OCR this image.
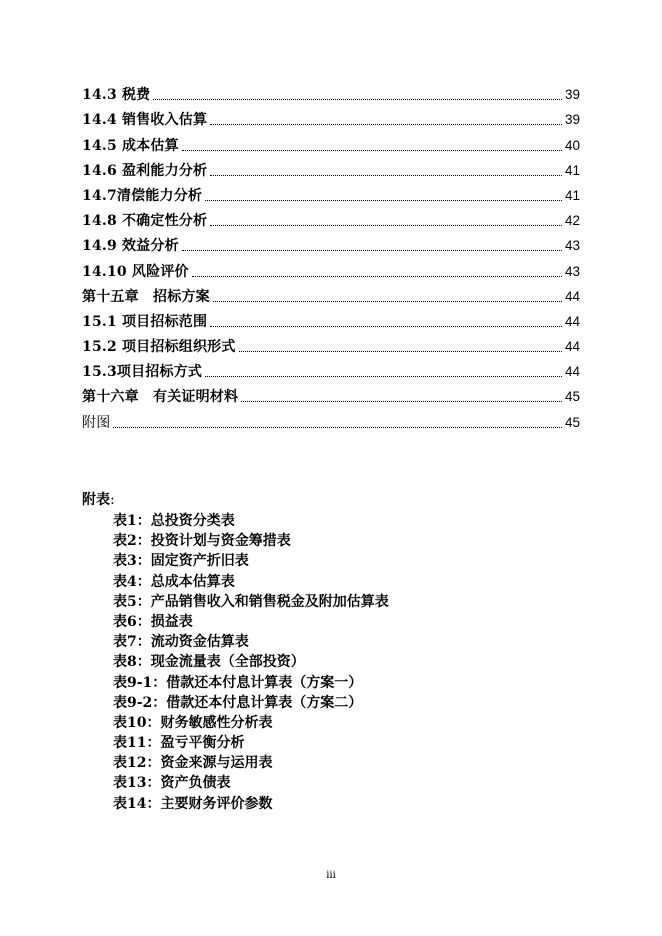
14.3 税费	39
14.4 销售收入估算	39
14.5 成本估算	40
14.6 盈利能力分析	41
14.7清偿能力分析	41
14.8 不确定性分析	42
14.9 效益分析	43
14.10 风险评价	43
第十五章　招标方案	44
15.1 项目招标范围	44
15.2 项目招标组织形式	44
15.3项目招标方式	44
第十六章　有关证明材料	45
附图	45
附表:
表1：总投资分类表
表2：投资计划与资金筹措表
表3：固定资产折旧表
表4：总成本估算表
表5：产品销售收入和销售税金及附加估算表
表6：损益表
表7：流动资金估算表
表8：现金流量表（全部投资）
表9-1：借款还本付息计算表（方案一）
表9-2：借款还本付息计算表（方案二）
表10：财务敏感性分析表
表11：盈亏平衡分析
表12：资金来源与运用表
表13：资产负债表
表14：主要财务评价参数
iii
